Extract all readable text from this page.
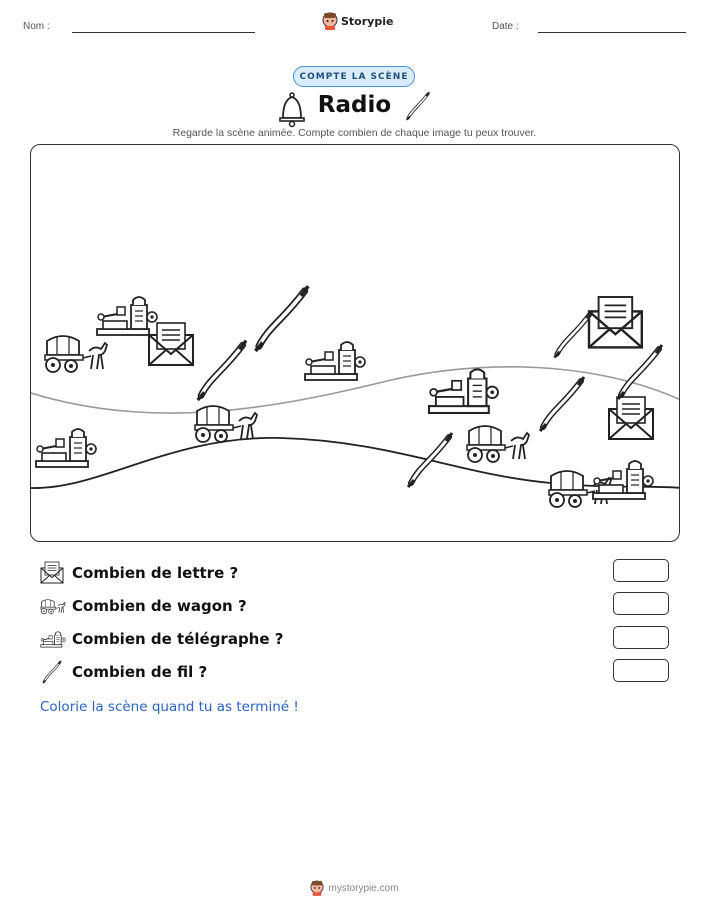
Nom :	Storypie	Date :
COMPTE LA SCÈNE
Radio
Regarde la scène animée. Compte combien de chaque image tu peux trouver.
Combien de lettre ?
Combien de wagon ?
Combien de télégraphe ?
Combien de fil ?
Colorie la scène quand tu as terminé !
mystorypie.com
